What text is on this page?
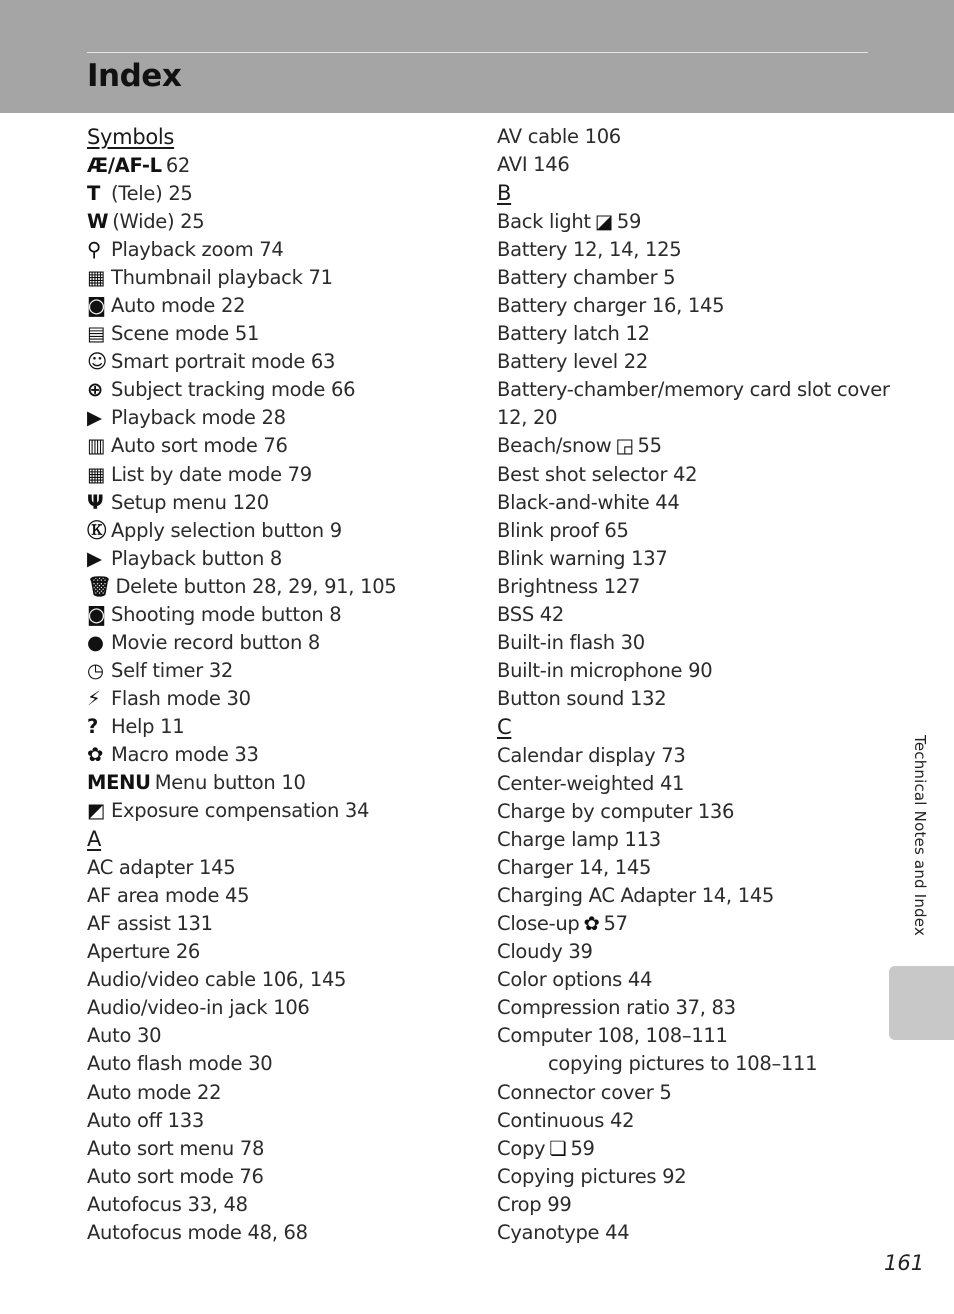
Index
Symbols
Æ/AF-L 62
T (Tele) 25
W (Wide) 25
⚲ Playback zoom 74
▦ Thumbnail playback 71
◙ Auto mode 22
▤ Scene mode 51
☺ Smart portrait mode 63
⊕ Subject tracking mode 66
▶ Playback mode 28
▥ Auto sort mode 76
▦ List by date mode 79
Ψ Setup menu 120
Ⓚ Apply selection button 9
▶ Playback button 8
🗑 Delete button 28, 29, 91, 105
◙ Shooting mode button 8
● Movie record button 8
◷ Self timer 32
⚡ Flash mode 30
? Help 11
✿ Macro mode 33
MENU Menu button 10
◩ Exposure compensation 34
A
AC adapter 145
AF area mode 45
AF assist 131
Aperture 26
Audio/video cable 106, 145
Audio/video-in jack 106
Auto 30
Auto flash mode 30
Auto mode 22
Auto off 133
Auto sort menu 78
Auto sort mode 76
Autofocus 33, 48
Autofocus mode 48, 68
AV cable 106
AVI 146
B
Back light ◪ 59
Battery 12, 14, 125
Battery chamber 5
Battery charger 16, 145
Battery latch 12
Battery level 22
Battery-chamber/memory card slot cover
12, 20
Beach/snow ◲ 55
Best shot selector 42
Black-and-white 44
Blink proof 65
Blink warning 137
Brightness 127
BSS 42
Built-in flash 30
Built-in microphone 90
Button sound 132
C
Calendar display 73
Center-weighted 41
Charge by computer 136
Charge lamp 113
Charger 14, 145
Charging AC Adapter 14, 145
Close-up ✿ 57
Cloudy 39
Color options 44
Compression ratio 37, 83
Computer 108, 108–111
copying pictures to 108–111
Connector cover 5
Continuous 42
Copy ❏ 59
Copying pictures 92
Crop 99
Cyanotype 44
Technical Notes and Index
161
